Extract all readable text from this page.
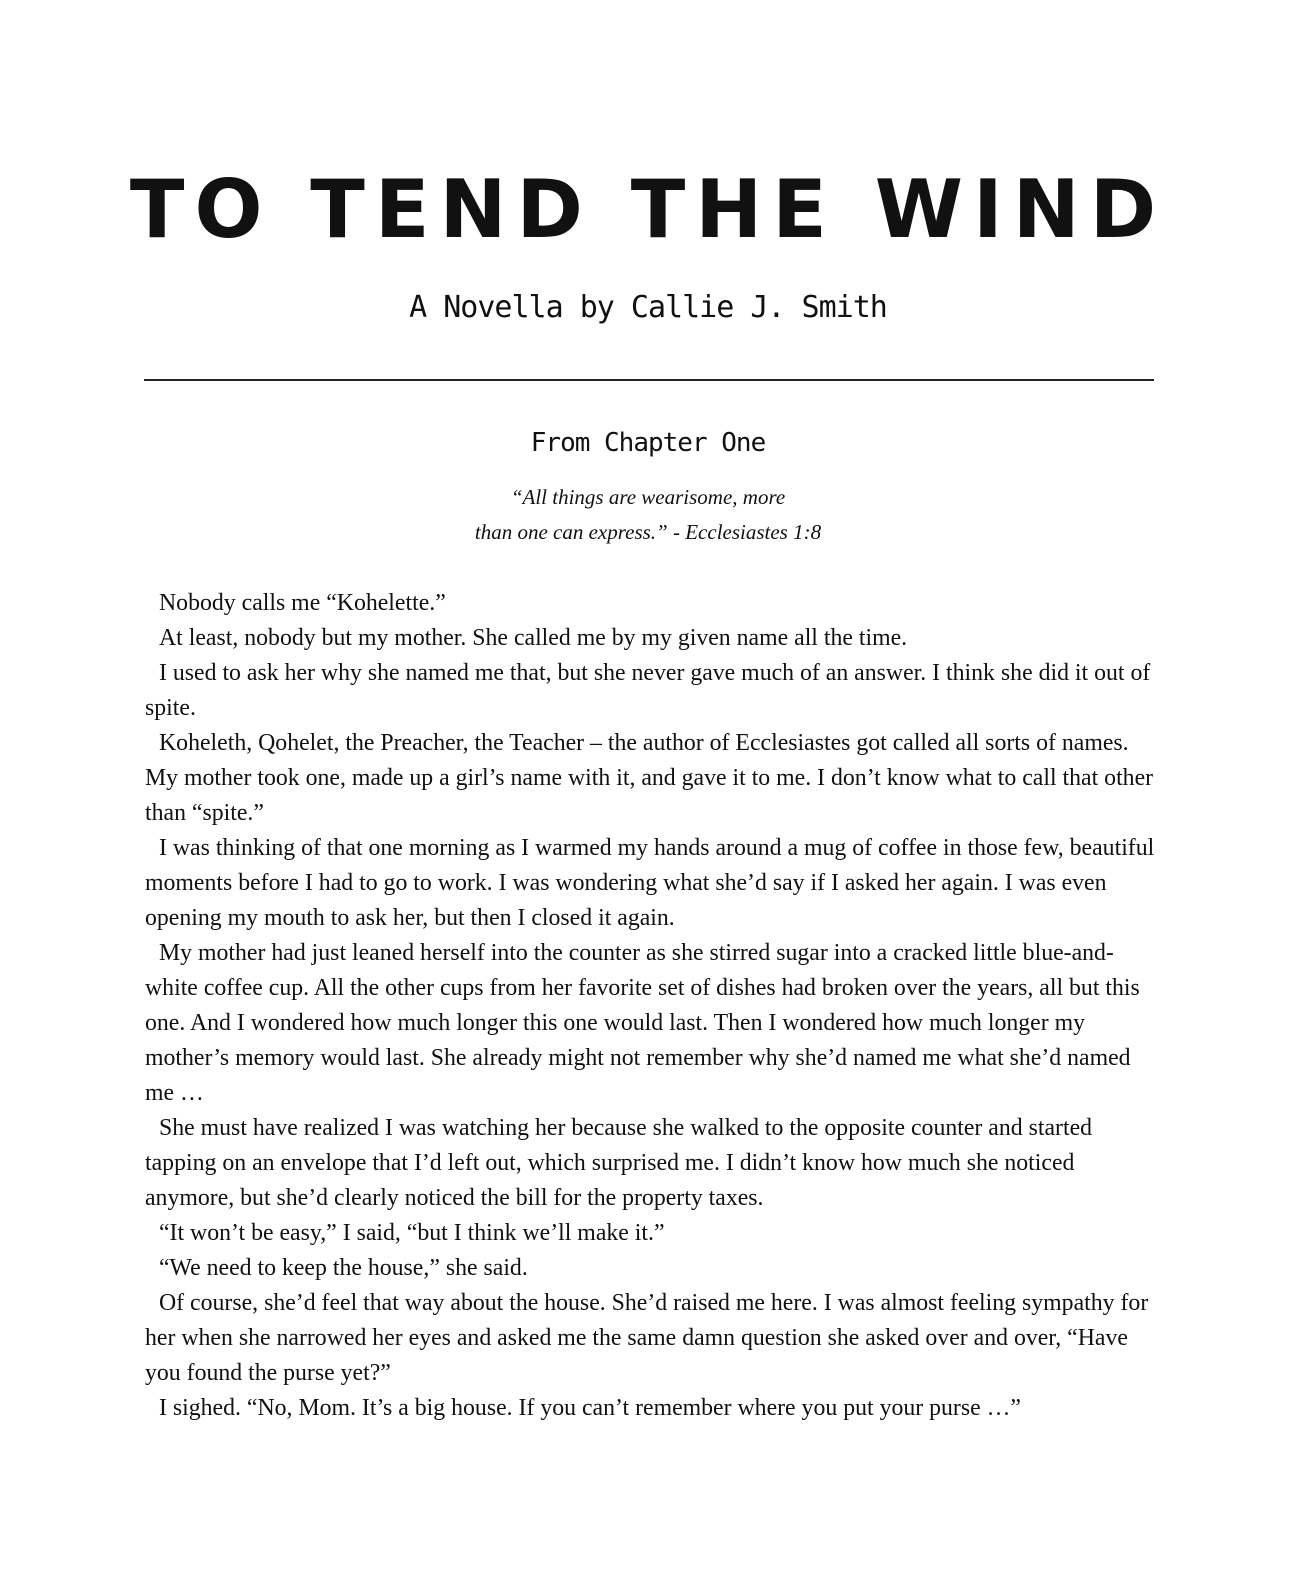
TO TEND THE WIND
A Novella by Callie J. Smith
From Chapter One
“All things are wearisome, more
than one can express.” - Ecclesiastes 1:8

Nobody calls me “Kohelette.”

At least, nobody but my mother. She called me by my given name all the time.

I used to ask her why she named me that, but she never gave much of an answer. I think she did it out of spite.

Koheleth, Qohelet, the Preacher, the Teacher – the author of Ecclesiastes got called all sorts of names. My mother took one, made up a girl’s name with it, and gave it to me. I don’t know what to call that other than “spite.”

I was thinking of that one morning as I warmed my hands around a mug of coffee in those few, beautiful moments before I had to go to work. I was wondering what she’d say if I asked her again. I was even opening my mouth to ask her, but then I closed it again.

My mother had just leaned herself into the counter as she stirred sugar into a cracked little blue-and-white coffee cup. All the other cups from her favorite set of dishes had broken over the years, all but this one. And I wondered how much longer this one would last. Then I wondered how much longer my mother’s memory would last. She already might not remember why she’d named me what she’d named me …

She must have realized I was watching her because she walked to the opposite counter and started tapping on an envelope that I’d left out, which surprised me. I didn’t know how much she noticed anymore, but she’d clearly noticed the bill for the property taxes.

“It won’t be easy,” I said, “but I think we’ll make it.”

“We need to keep the house,” she said.

Of course, she’d feel that way about the house. She’d raised me here. I was almost feeling sympathy for her when she narrowed her eyes and asked me the same damn question she asked over and over, “Have you found the purse yet?”

I sighed. “No, Mom. It’s a big house. If you can’t remember where you put your purse …”
